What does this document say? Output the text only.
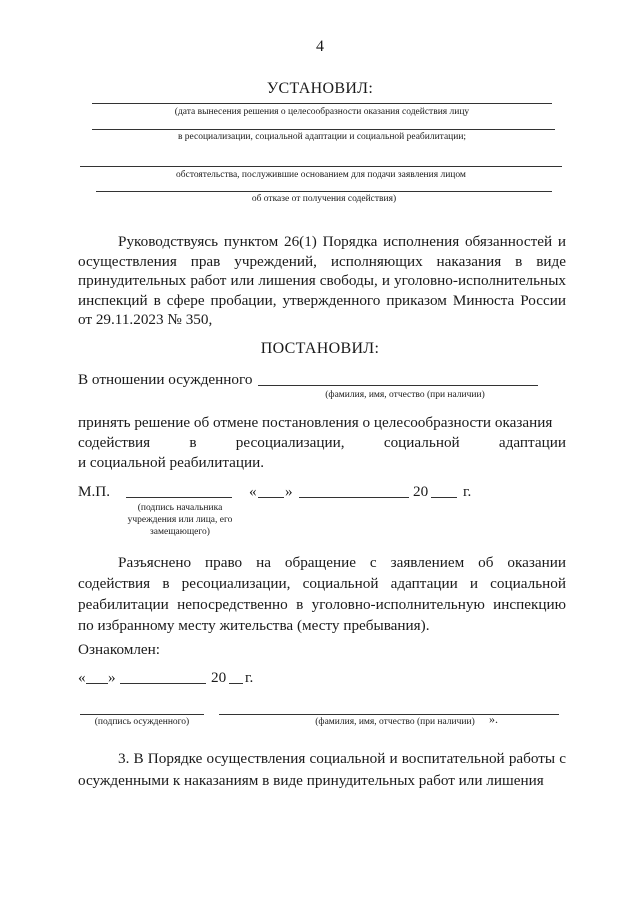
4
УСТАНОВИЛ:
(дата вынесения решения о целесообразности оказания содействия лицу
в ресоциализации, социальной адаптации и социальной реабилитации;
обстоятельства, послужившие основанием для подачи заявления лицом
об отказе от получения содействия)
Руководствуясь пунктом 26(1) Порядка исполнения обязанностей и осуществления прав учреждений, исполняющих наказания в виде принудительных работ или лишения свободы, и уголовно-исполнительных инспекций в сфере пробации, утвержденного приказом Минюста России от 29.11.2023 № 350,
ПОСТАНОВИЛ:
В отношении осужденного
(фамилия, имя, отчество (при наличии)
принять решение об отмене постановления о целесообразности оказания
содействия	в	ресоциализации,	социальной	адаптации
и социальной реабилитации.
М.П.	« »	20 г.
(подпись начальника учреждения или лица, его замещающего)
Разъяснено право на обращение с заявлением об оказании содействия в ресоциализации, социальной адаптации и социальной реабилитации непосредственно в уголовно-исполнительную инспекцию по избранному месту жительства (месту пребывания).
Ознакомлен:
« »	20 г.
(подпись осужденного)	(фамилия, имя, отчество (при наличии)	».
3. В Порядке осуществления социальной и воспитательной работы с осужденными к наказаниям в виде принудительных работ или лишения
